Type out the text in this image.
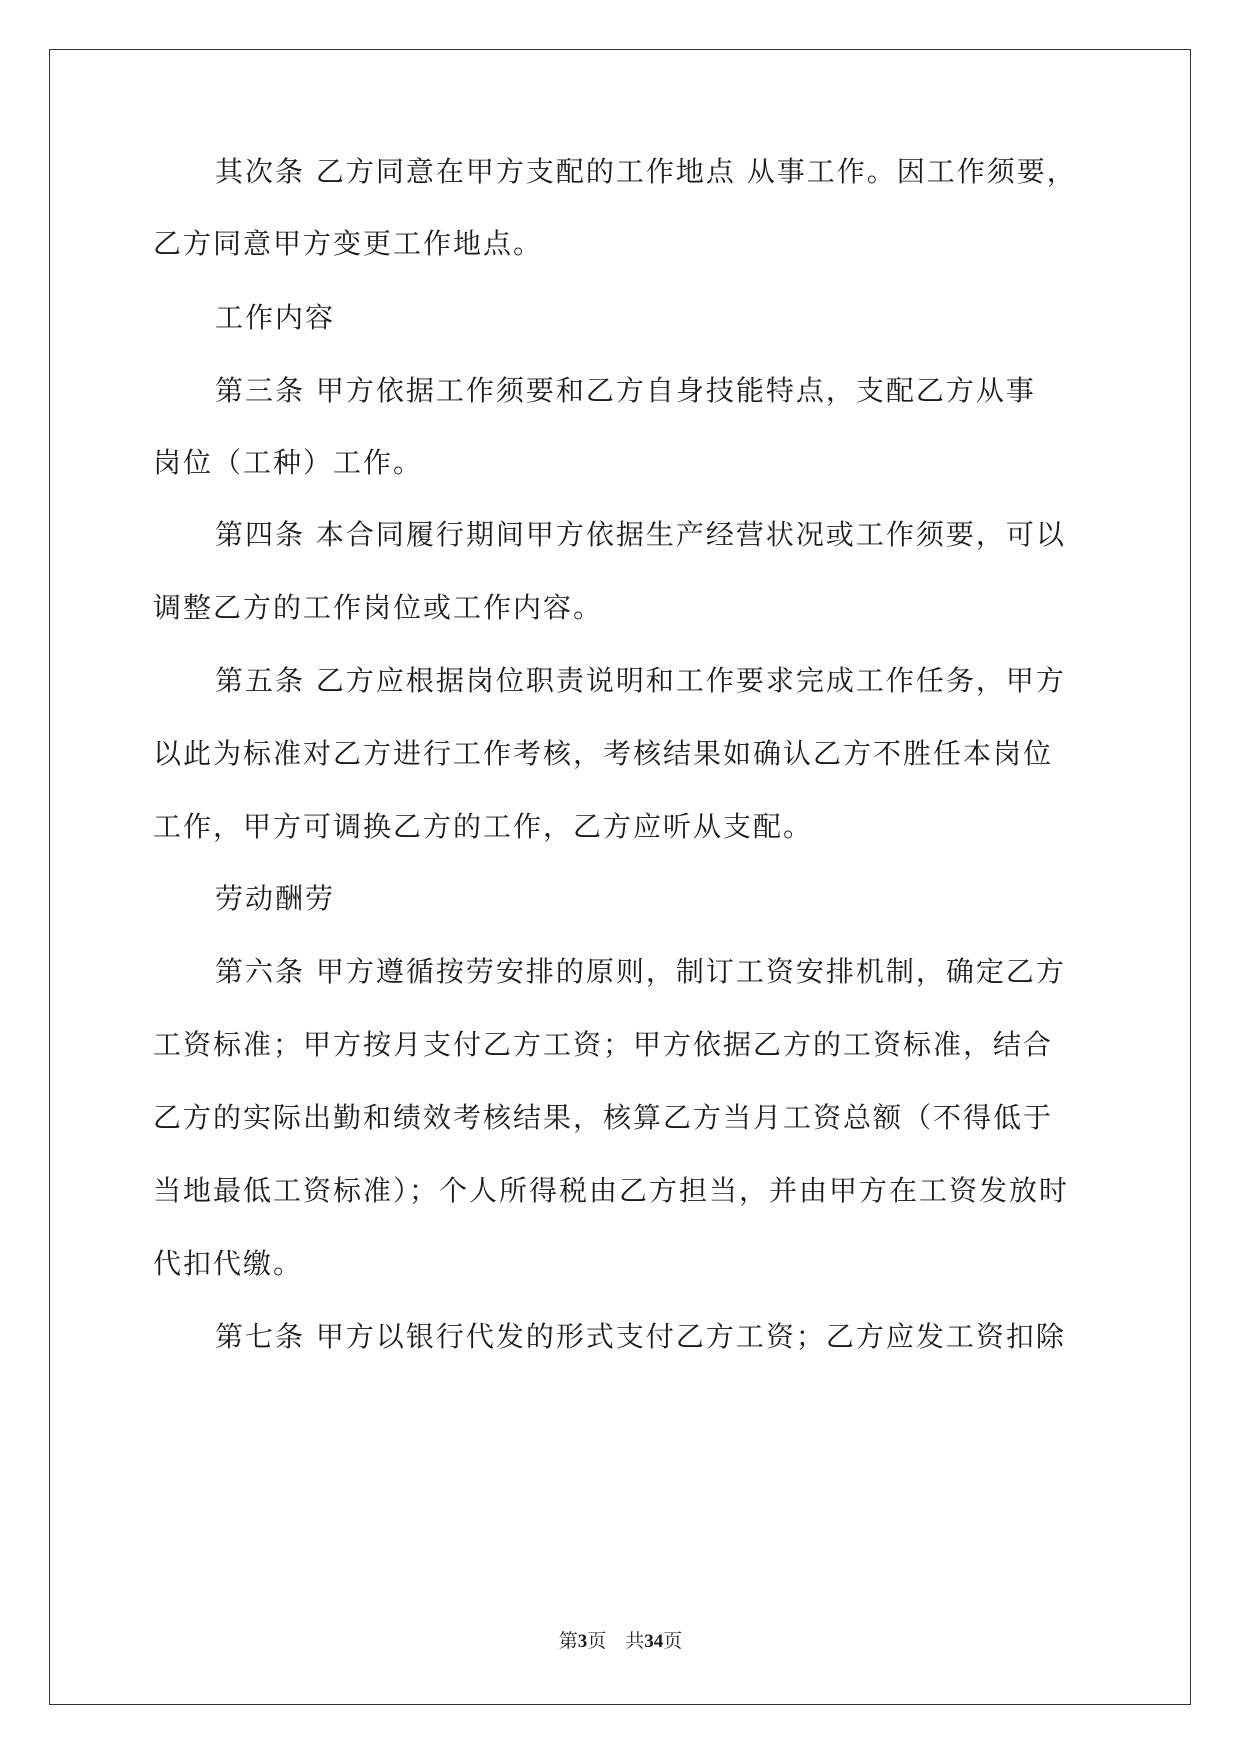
其次条 乙方同意在甲方支配的工作地点 从事工作。因工作须要，
乙方同意甲方变更工作地点。
工作内容
第三条 甲方依据工作须要和乙方自身技能特点，支配乙方从事
岗位（工种）工作。
第四条 本合同履行期间甲方依据生产经营状况或工作须要，可以
调整乙方的工作岗位或工作内容。
第五条 乙方应根据岗位职责说明和工作要求完成工作任务，甲方
以此为标准对乙方进行工作考核，考核结果如确认乙方不胜任本岗位
工作，甲方可调换乙方的工作，乙方应听从支配。
劳动酬劳
第六条 甲方遵循按劳安排的原则，制订工资安排机制，确定乙方
工资标准；甲方按月支付乙方工资；甲方依据乙方的工资标准，结合
乙方的实际出勤和绩效考核结果，核算乙方当月工资总额（不得低于
当地最低工资标准）；个人所得税由乙方担当，并由甲方在工资发放时
代扣代缴。
第七条 甲方以银行代发的形式支付乙方工资；乙方应发工资扣除
第3页 共34页
